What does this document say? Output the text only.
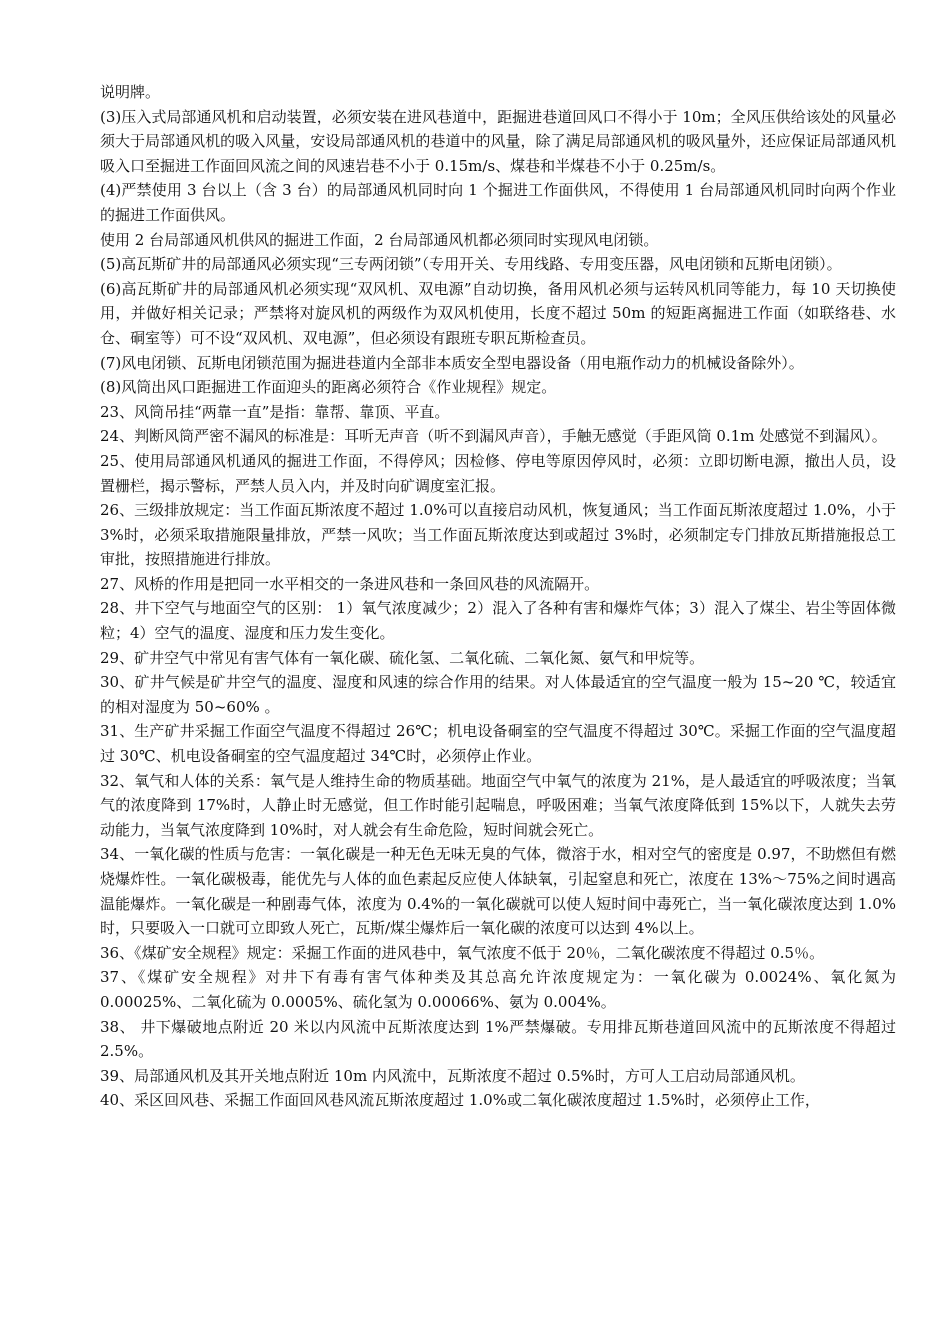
说明牌。

(3)压入式局部通风机和启动装置，必须安装在进风巷道中，距掘进巷道回风口不得小于 10m；全风压供给该处的风量必须大于局部通风机的吸入风量，安设局部通风机的巷道中的风量，除了满足局部通风机的吸风量外，还应保证局部通风机吸入口至掘进工作面回风流之间的风速岩巷不小于 0.15m/s、煤巷和半煤巷不小于 0.25m/s。

(4)严禁使用 3 台以上（含 3 台）的局部通风机同时向 1 个掘进工作面供风，不得使用 1 台局部通风机同时向两个作业的掘进工作面供风。

使用 2 台局部通风机供风的掘进工作面，2 台局部通风机都必须同时实现风电闭锁。

(5)高瓦斯矿井的局部通风必须实现“三专两闭锁”（专用开关、专用线路、专用变压器，风电闭锁和瓦斯电闭锁）。

(6)高瓦斯矿井的局部通风机必须实现“双风机、双电源”自动切换，备用风机必须与运转风机同等能力，每 10 天切换使用，并做好相关记录；严禁将对旋风机的两级作为双风机使用，长度不超过 50m 的短距离掘进工作面（如联络巷、水仓、硐室等）可不设“双风机、双电源”，但必须设有跟班专职瓦斯检查员。

(7)风电闭锁、瓦斯电闭锁范围为掘进巷道内全部非本质安全型电器设备（用电瓶作动力的机械设备除外）。

(8)风筒出风口距掘进工作面迎头的距离必须符合《作业规程》规定。

23、风筒吊挂“两靠一直”是指：靠帮、靠顶、平直。

24、判断风筒严密不漏风的标准是：耳听无声音（听不到漏风声音），手触无感觉（手距风筒 0.1m 处感觉不到漏风）。

25、使用局部通风机通风的掘进工作面，不得停风；因检修、停电等原因停风时，必须：立即切断电源，撤出人员，设置栅栏，揭示警标，严禁人员入内，并及时向矿调度室汇报。

26、三级排放规定：当工作面瓦斯浓度不超过 1.0%可以直接启动风机，恢复通风；当工作面瓦斯浓度超过 1.0%，小于 3%时，必须采取措施限量排放，严禁一风吹；当工作面瓦斯浓度达到或超过 3%时，必须制定专门排放瓦斯措施报总工审批，按照措施进行排放。

27、风桥的作用是把同一水平相交的一条进风巷和一条回风巷的风流隔开。

28、井下空气与地面空气的区别： 1）氧气浓度减少；2）混入了各种有害和爆炸气体；3）混入了煤尘、岩尘等固体微粒；4）空气的温度、湿度和压力发生变化。

29、矿井空气中常见有害气体有一氧化碳、硫化氢、二氧化硫、二氧化氮、氨气和甲烷等。

30、矿井气候是矿井空气的温度、湿度和风速的综合作用的结果。对人体最适宜的空气温度一般为 15~20 ℃，较适宜的相对湿度为 50~60% 。

31、生产矿井采掘工作面空气温度不得超过 26℃；机电设备硐室的空气温度不得超过 30℃。采掘工作面的空气温度超过 30℃、机电设备硐室的空气温度超过 34℃时，必须停止作业。

32、氧气和人体的关系：氧气是人维持生命的物质基础。地面空气中氧气的浓度为 21%，是人最适宜的呼吸浓度；当氧气的浓度降到 17%时，人静止时无感觉，但工作时能引起喘息，呼吸困难；当氧气浓度降低到 15%以下，人就失去劳动能力，当氧气浓度降到 10%时，对人就会有生命危险，短时间就会死亡。

34、一氧化碳的性质与危害：一氧化碳是一种无色无味无臭的气体，微溶于水，相对空气的密度是 0.97，不助燃但有燃烧爆炸性。一氧化碳极毒，能优先与人体的血色素起反应使人体缺氧，引起窒息和死亡，浓度在 13%～75%之间时遇高温能爆炸。一氧化碳是一种剧毒气体，浓度为 0.4%的一氧化碳就可以使人短时间中毒死亡，当一氧化碳浓度达到 1.0%时，只要吸入一口就可立即致人死亡，瓦斯/煤尘爆炸后一氧化碳的浓度可以达到 4%以上。

36、《煤矿安全规程》规定：采掘工作面的进风巷中，氧气浓度不低于 20％，二氧化碳浓度不得超过 0.5％。

37、《煤矿安全规程》对井下有毒有害气体种类及其总高允许浓度规定为：一氧化碳为 0.0024%、氧化氮为 0.00025%、二氧化硫为 0.0005%、硫化氢为 0.00066%、氨为 0.004%。

38、 井下爆破地点附近 20 米以内风流中瓦斯浓度达到 1%严禁爆破。专用排瓦斯巷道回风流中的瓦斯浓度不得超过 2.5%。

39、局部通风机及其开关地点附近 10m 内风流中，瓦斯浓度不超过 0.5%时，方可人工启动局部通风机。

40、采区回风巷、采掘工作面回风巷风流瓦斯浓度超过 1.0%或二氧化碳浓度超过 1.5%时，必须停止工作，
